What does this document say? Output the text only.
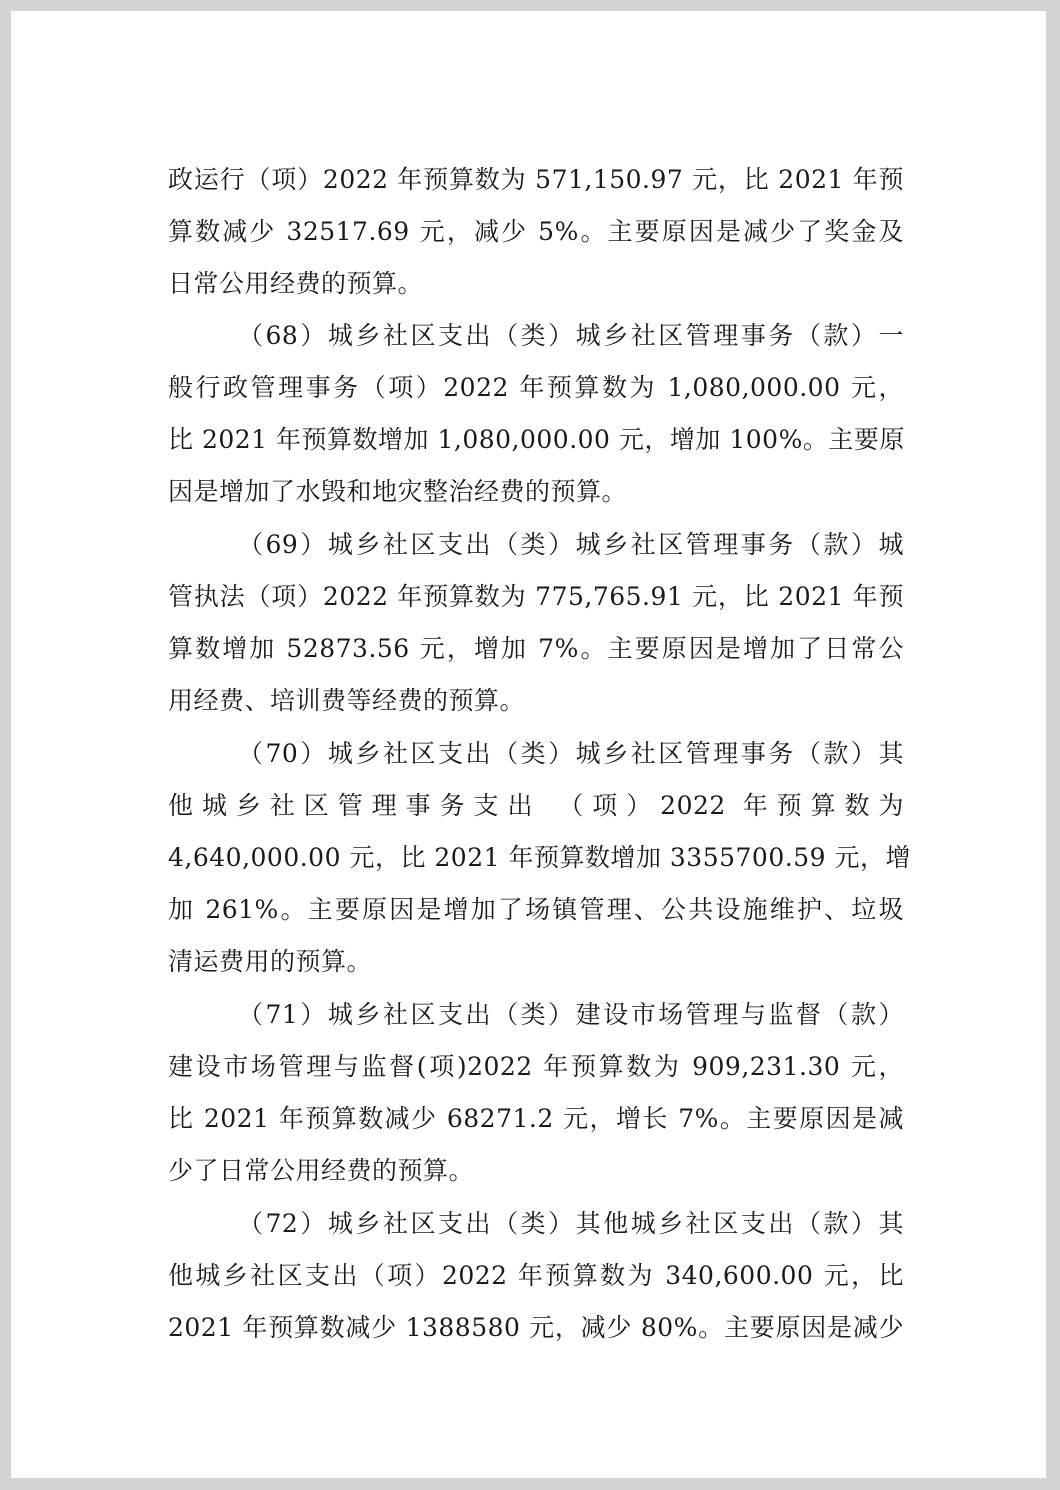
政运行（项）2022 年预算数为 571,150.97 元，比 2021 年预
算数减少 32517.69 元，减少 5%。主要原因是减少了奖金及
日常公用经费的预算。
（68）城乡社区支出（类）城乡社区管理事务（款）一
般行政管理事务（项）2022 年预算数为 1,080,000.00 元，
比 2021 年预算数增加 1,080,000.00 元，增加 100%。主要原
因是增加了水毁和地灾整治经费的预算。
（69）城乡社区支出（类）城乡社区管理事务（款）城
管执法（项）2022 年预算数为 775,765.91 元，比 2021 年预
算数增加 52873.56 元，增加 7%。主要原因是增加了日常公
用经费、培训费等经费的预算。
（70）城乡社区支出（类）城乡社区管理事务（款）其
他城乡社区管理事务支出 （项）2022 年预算数为
4,640,000.00 元，比 2021 年预算数增加 3355700.59 元，增
加 261%。主要原因是增加了场镇管理、公共设施维护、垃圾
清运费用的预算。
（71）城乡社区支出（类）建设市场管理与监督（款）
建设市场管理与监督(项)2022 年预算数为 909,231.30 元，
比 2021 年预算数减少 68271.2 元，增长 7%。主要原因是减
少了日常公用经费的预算。
（72）城乡社区支出（类）其他城乡社区支出（款）其
他城乡社区支出（项）2022 年预算数为 340,600.00 元，比
2021 年预算数减少 1388580 元，减少 80%。主要原因是减少
